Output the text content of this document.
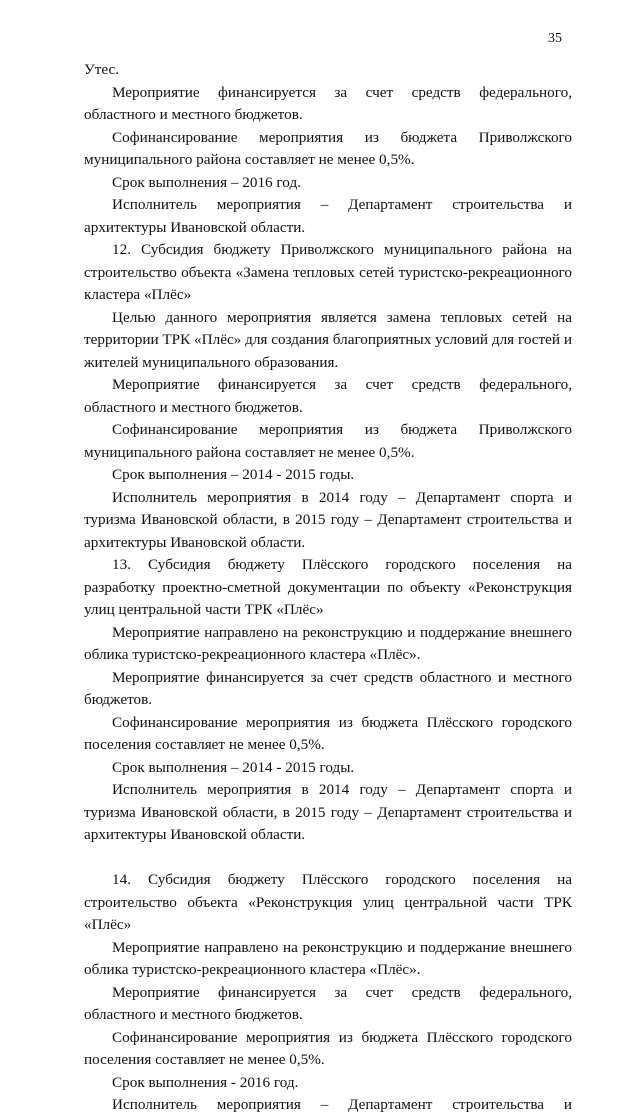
35
Утес.
Мероприятие финансируется за счет средств федерального,
областного и местного бюджетов.
Софинансирование мероприятия из бюджета Приволжского
муниципального района составляет не менее 0,5%.
Срок выполнения – 2016 год.
Исполнитель мероприятия – Департамент строительства и
архитектуры Ивановской области.
12. Субсидия бюджету Приволжского муниципального района на
строительство объекта «Замена тепловых сетей туристско-рекреационного
кластера «Плёс»
Целью данного мероприятия является замена тепловых сетей на
территории ТРК «Плёс» для создания благоприятных условий для гостей и
жителей муниципального образования.
Мероприятие финансируется за счет средств федерального,
областного и местного бюджетов.
Софинансирование мероприятия из бюджета Приволжского
муниципального района составляет не менее 0,5%.
Срок выполнения – 2014 - 2015 годы.
Исполнитель мероприятия в 2014 году – Департамент спорта и
туризма Ивановской области, в 2015 году – Департамент строительства и
архитектуры Ивановской области.
13. Субсидия бюджету Плёсского городского поселения на
разработку проектно-сметной документации по объекту «Реконструкция
улиц центральной части ТРК «Плёс»
Мероприятие направлено на реконструкцию и поддержание внешнего
облика туристско-рекреационного кластера «Плёс».
Мероприятие финансируется за счет средств областного и местного
бюджетов.
Софинансирование мероприятия из бюджета Плёсского городского
поселения составляет не менее 0,5%.
Срок выполнения – 2014 - 2015 годы.
Исполнитель мероприятия в 2014 году – Департамент спорта и
туризма Ивановской области, в 2015 году – Департамент строительства и
архитектуры Ивановской области.
14. Субсидия бюджету Плёсского городского поселения на
строительство объекта «Реконструкция улиц центральной части ТРК
«Плёс»
Мероприятие направлено на реконструкцию и поддержание внешнего
облика туристско-рекреационного кластера «Плёс».
Мероприятие финансируется за счет средств федерального,
областного и местного бюджетов.
Софинансирование мероприятия из бюджета Плёсского городского
поселения составляет не менее 0,5%.
Срок выполнения - 2016 год.
Исполнитель мероприятия – Департамент строительства и
